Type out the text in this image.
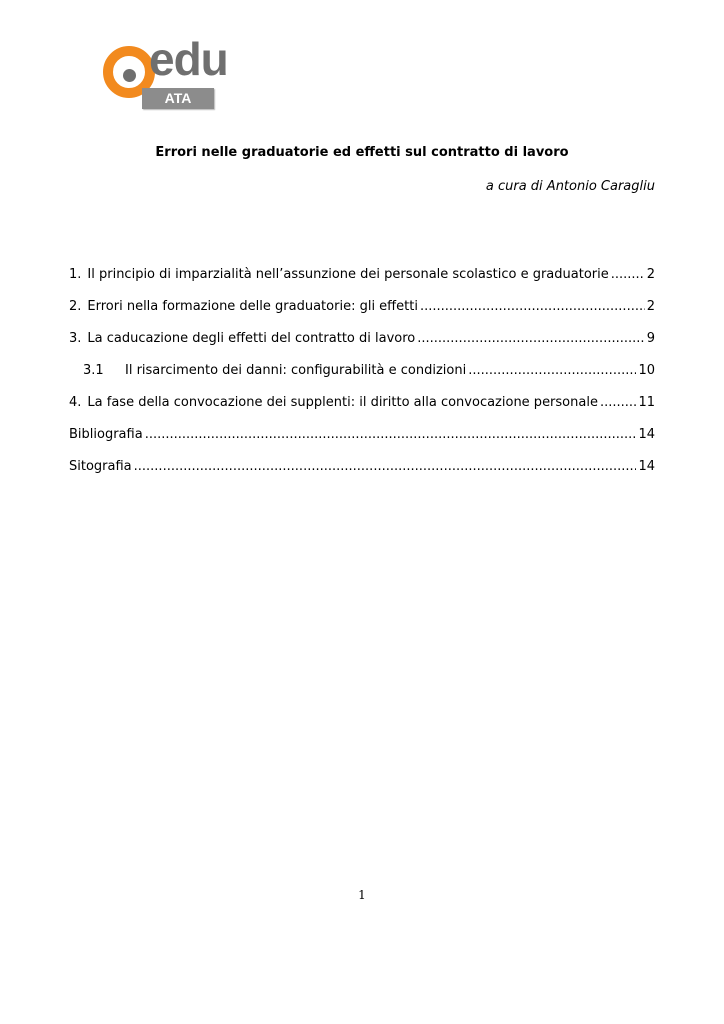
edu
ATA
Errori nelle graduatorie ed effetti sul contratto di lavoro
a cura di Antonio Caragliu
1. Il principio di imparzialità nell’assunzione dei personale scolastico e graduatorie .....	2
2. Errori nella formazione delle graduatorie: gli effetti .....	2
3. La caducazione degli effetti del contratto di lavoro .....	9
3.1	Il risarcimento dei danni: configurabilità e condizioni .....	10
4. La fase della convocazione dei supplenti: il diritto alla convocazione personale .....	11
Bibliografia .....	14
Sitografia .....	14
1
